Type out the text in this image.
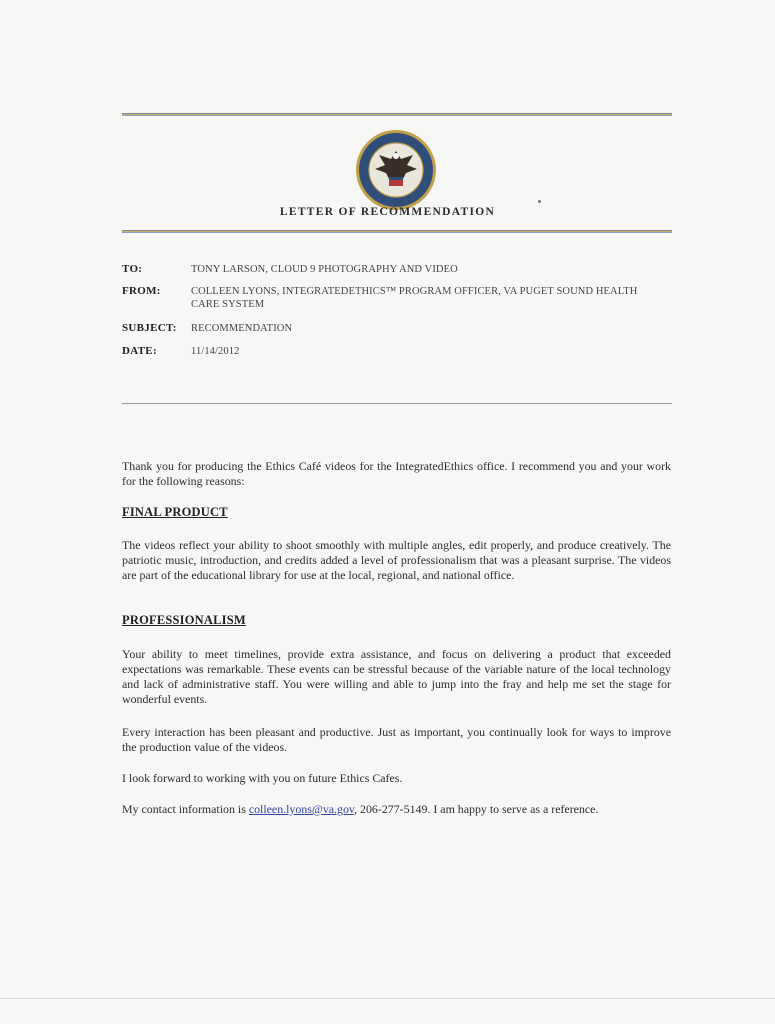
LETTER OF RECOMMENDATION
TO:	TONY LARSON, CLOUD 9 PHOTOGRAPHY AND VIDEO
FROM:	COLLEEN LYONS, INTEGRATEDETHICS™ PROGRAM OFFICER, VA PUGET SOUND HEALTH CARE SYSTEM
SUBJECT: RECOMMENDATION
DATE:	11/14/2012
Thank you for producing the Ethics Café videos for the IntegratedEthics office. I recommend you and your work for the following reasons:
FINAL PRODUCT
The videos reflect your ability to shoot smoothly with multiple angles, edit properly, and produce creatively. The patriotic music, introduction, and credits added a level of professionalism that was a pleasant surprise. The videos are part of the educational library for use at the local, regional, and national office.
PROFESSIONALISM
Your ability to meet timelines, provide extra assistance, and focus on delivering a product that exceeded expectations was remarkable. These events can be stressful because of the variable nature of the local technology and lack of administrative staff. You were willing and able to jump into the fray and help me set the stage for wonderful events.
Every interaction has been pleasant and productive. Just as important, you continually look for ways to improve the production value of the videos.
I look forward to working with you on future Ethics Cafes.
My contact information is colleen.lyons@va.gov, 206-277-5149. I am happy to serve as a reference.
